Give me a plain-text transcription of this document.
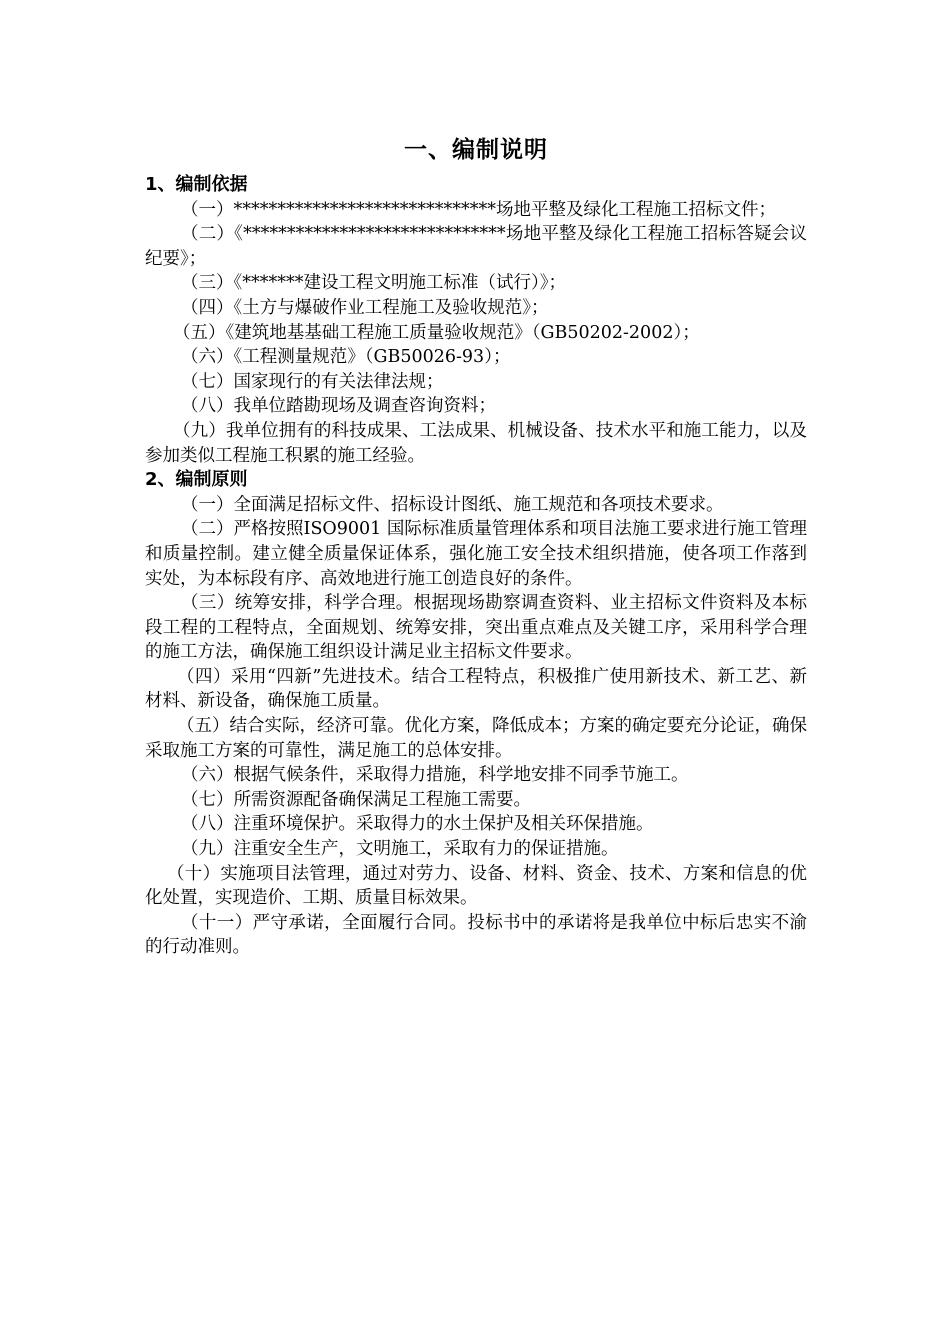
一、编制说明
1、编制依据

（一）******************************场地平整及绿化工程施工招标文件；

（二）《******************************场地平整及绿化工程施工招标答疑会议纪要》；

（三）《*******建设工程文明施工标准（试行）》；

（四）《土方与爆破作业工程施工及验收规范》；

（五）《建筑地基基础工程施工质量验收规范》（GB50202-2002）；

（六）《工程测量规范》（GB50026-93）；

（七）国家现行的有关法律法规；

（八）我单位踏勘现场及调查咨询资料；

（九）我单位拥有的科技成果、工法成果、机械设备、技术水平和施工能力，以及参加类似工程施工积累的施工经验。

2、编制原则

（一）全面满足招标文件、招标设计图纸、施工规范和各项技术要求。

（二）严格按照ISO9001 国际标准质量管理体系和项目法施工要求进行施工管理和质量控制。建立健全质量保证体系，强化施工安全技术组织措施，使各项工作落到实处，为本标段有序、高效地进行施工创造良好的条件。

（三）统筹安排，科学合理。根据现场勘察调查资料、业主招标文件资料及本标段工程的工程特点，全面规划、统筹安排，突出重点难点及关键工序，采用科学合理的施工方法，确保施工组织设计满足业主招标文件要求。

（四）采用“四新”先进技术。结合工程特点，积极推广使用新技术、新工艺、新材料、新设备，确保施工质量。

（五）结合实际，经济可靠。优化方案，降低成本；方案的确定要充分论证，确保采取施工方案的可靠性，满足施工的总体安排。

（六）根据气候条件，采取得力措施，科学地安排不同季节施工。

（七）所需资源配备确保满足工程施工需要。

（八）注重环境保护。采取得力的水土保护及相关环保措施。

（九）注重安全生产，文明施工，采取有力的保证措施。

（十）实施项目法管理，通过对劳力、设备、材料、资金、技术、方案和信息的优化处置，实现造价、工期、质量目标效果。

（十一）严守承诺，全面履行合同。投标书中的承诺将是我单位中标后忠实不渝的行动准则。
